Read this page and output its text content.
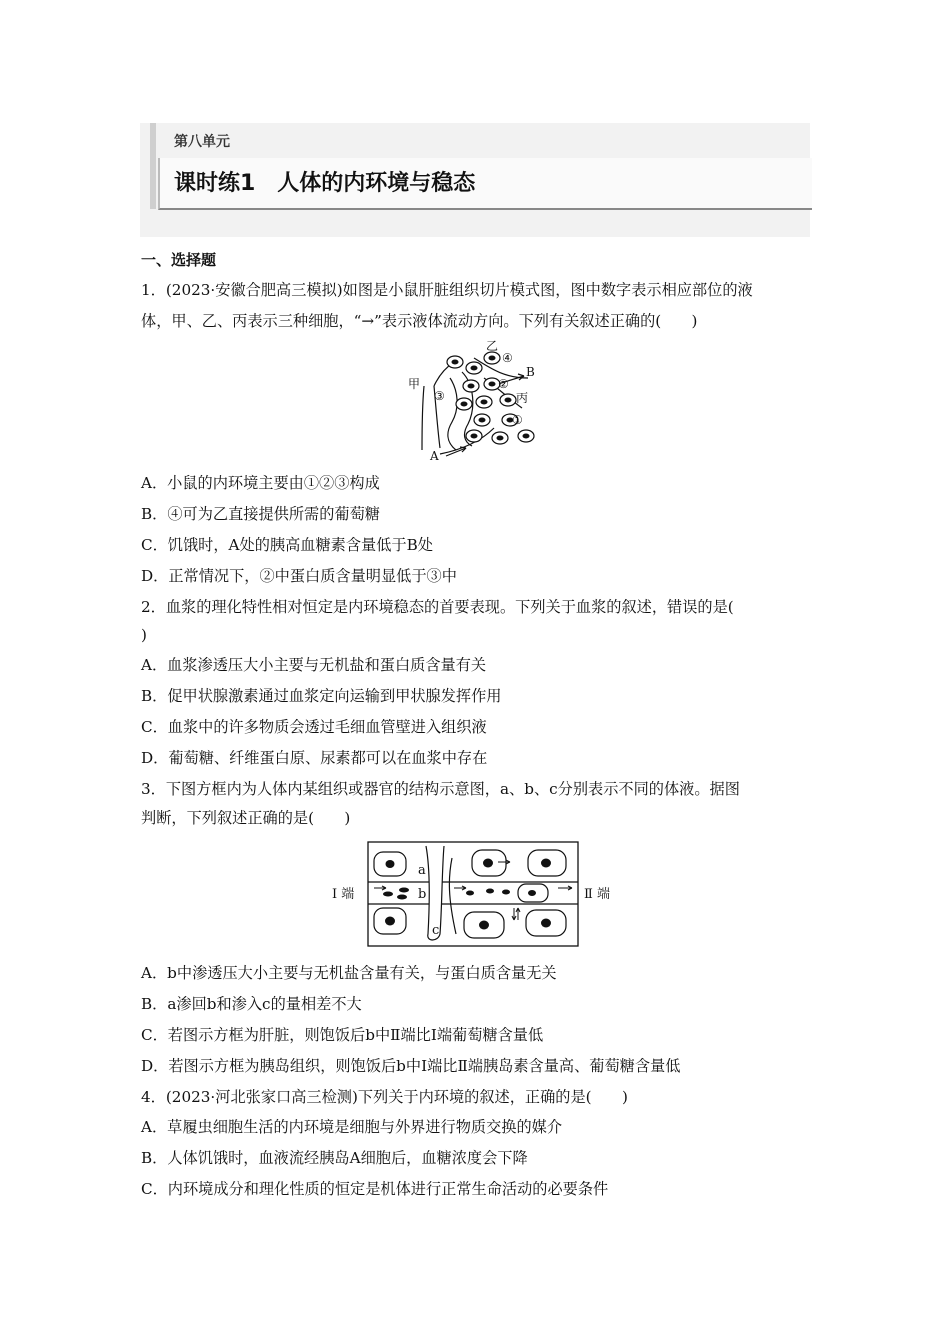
第八单元
课时练1　人体的内环境与稳态
一、选择题
1．(2023·安徽合肥高三模拟)如图是小鼠肝脏组织切片模式图，图中数字表示相应部位的液
体，甲、乙、丙表示三种细胞，“→”表示液体流动方向。下列有关叙述正确的(　　)
甲
乙
丙
①
②
③
④
A
B
A．小鼠的内环境主要由①②③构成
B．④可为乙直接提供所需的葡萄糖
C．饥饿时，A处的胰高血糖素含量低于B处
D．正常情况下，②中蛋白质含量明显低于③中
2．血浆的理化特性相对恒定是内环境稳态的首要表现。下列关于血浆的叙述，错误的是(
)
A．血浆渗透压大小主要与无机盐和蛋白质含量有关
B．促甲状腺激素通过血浆定向运输到甲状腺发挥作用
C．血浆中的许多物质会透过毛细血管壁进入组织液
D．葡萄糖、纤维蛋白原、尿素都可以在血浆中存在
3．下图方框内为人体内某组织或器官的结构示意图，a、b、c分别表示不同的体液。据图
判断，下列叙述正确的是(　　)
Ⅰ 端	Ⅱ 端
a
b
c
A．b中渗透压大小主要与无机盐含量有关，与蛋白质含量无关
B．a渗回b和渗入c的量相差不大
C．若图示方框为肝脏，则饱饭后b中Ⅱ端比Ⅰ端葡萄糖含量低
D．若图示方框为胰岛组织，则饱饭后b中Ⅰ端比Ⅱ端胰岛素含量高、葡萄糖含量低
4．(2023·河北张家口高三检测)下列关于内环境的叙述，正确的是(　　)
A．草履虫细胞生活的内环境是细胞与外界进行物质交换的媒介
B．人体饥饿时，血液流经胰岛A细胞后，血糖浓度会下降
C．内环境成分和理化性质的恒定是机体进行正常生命活动的必要条件
